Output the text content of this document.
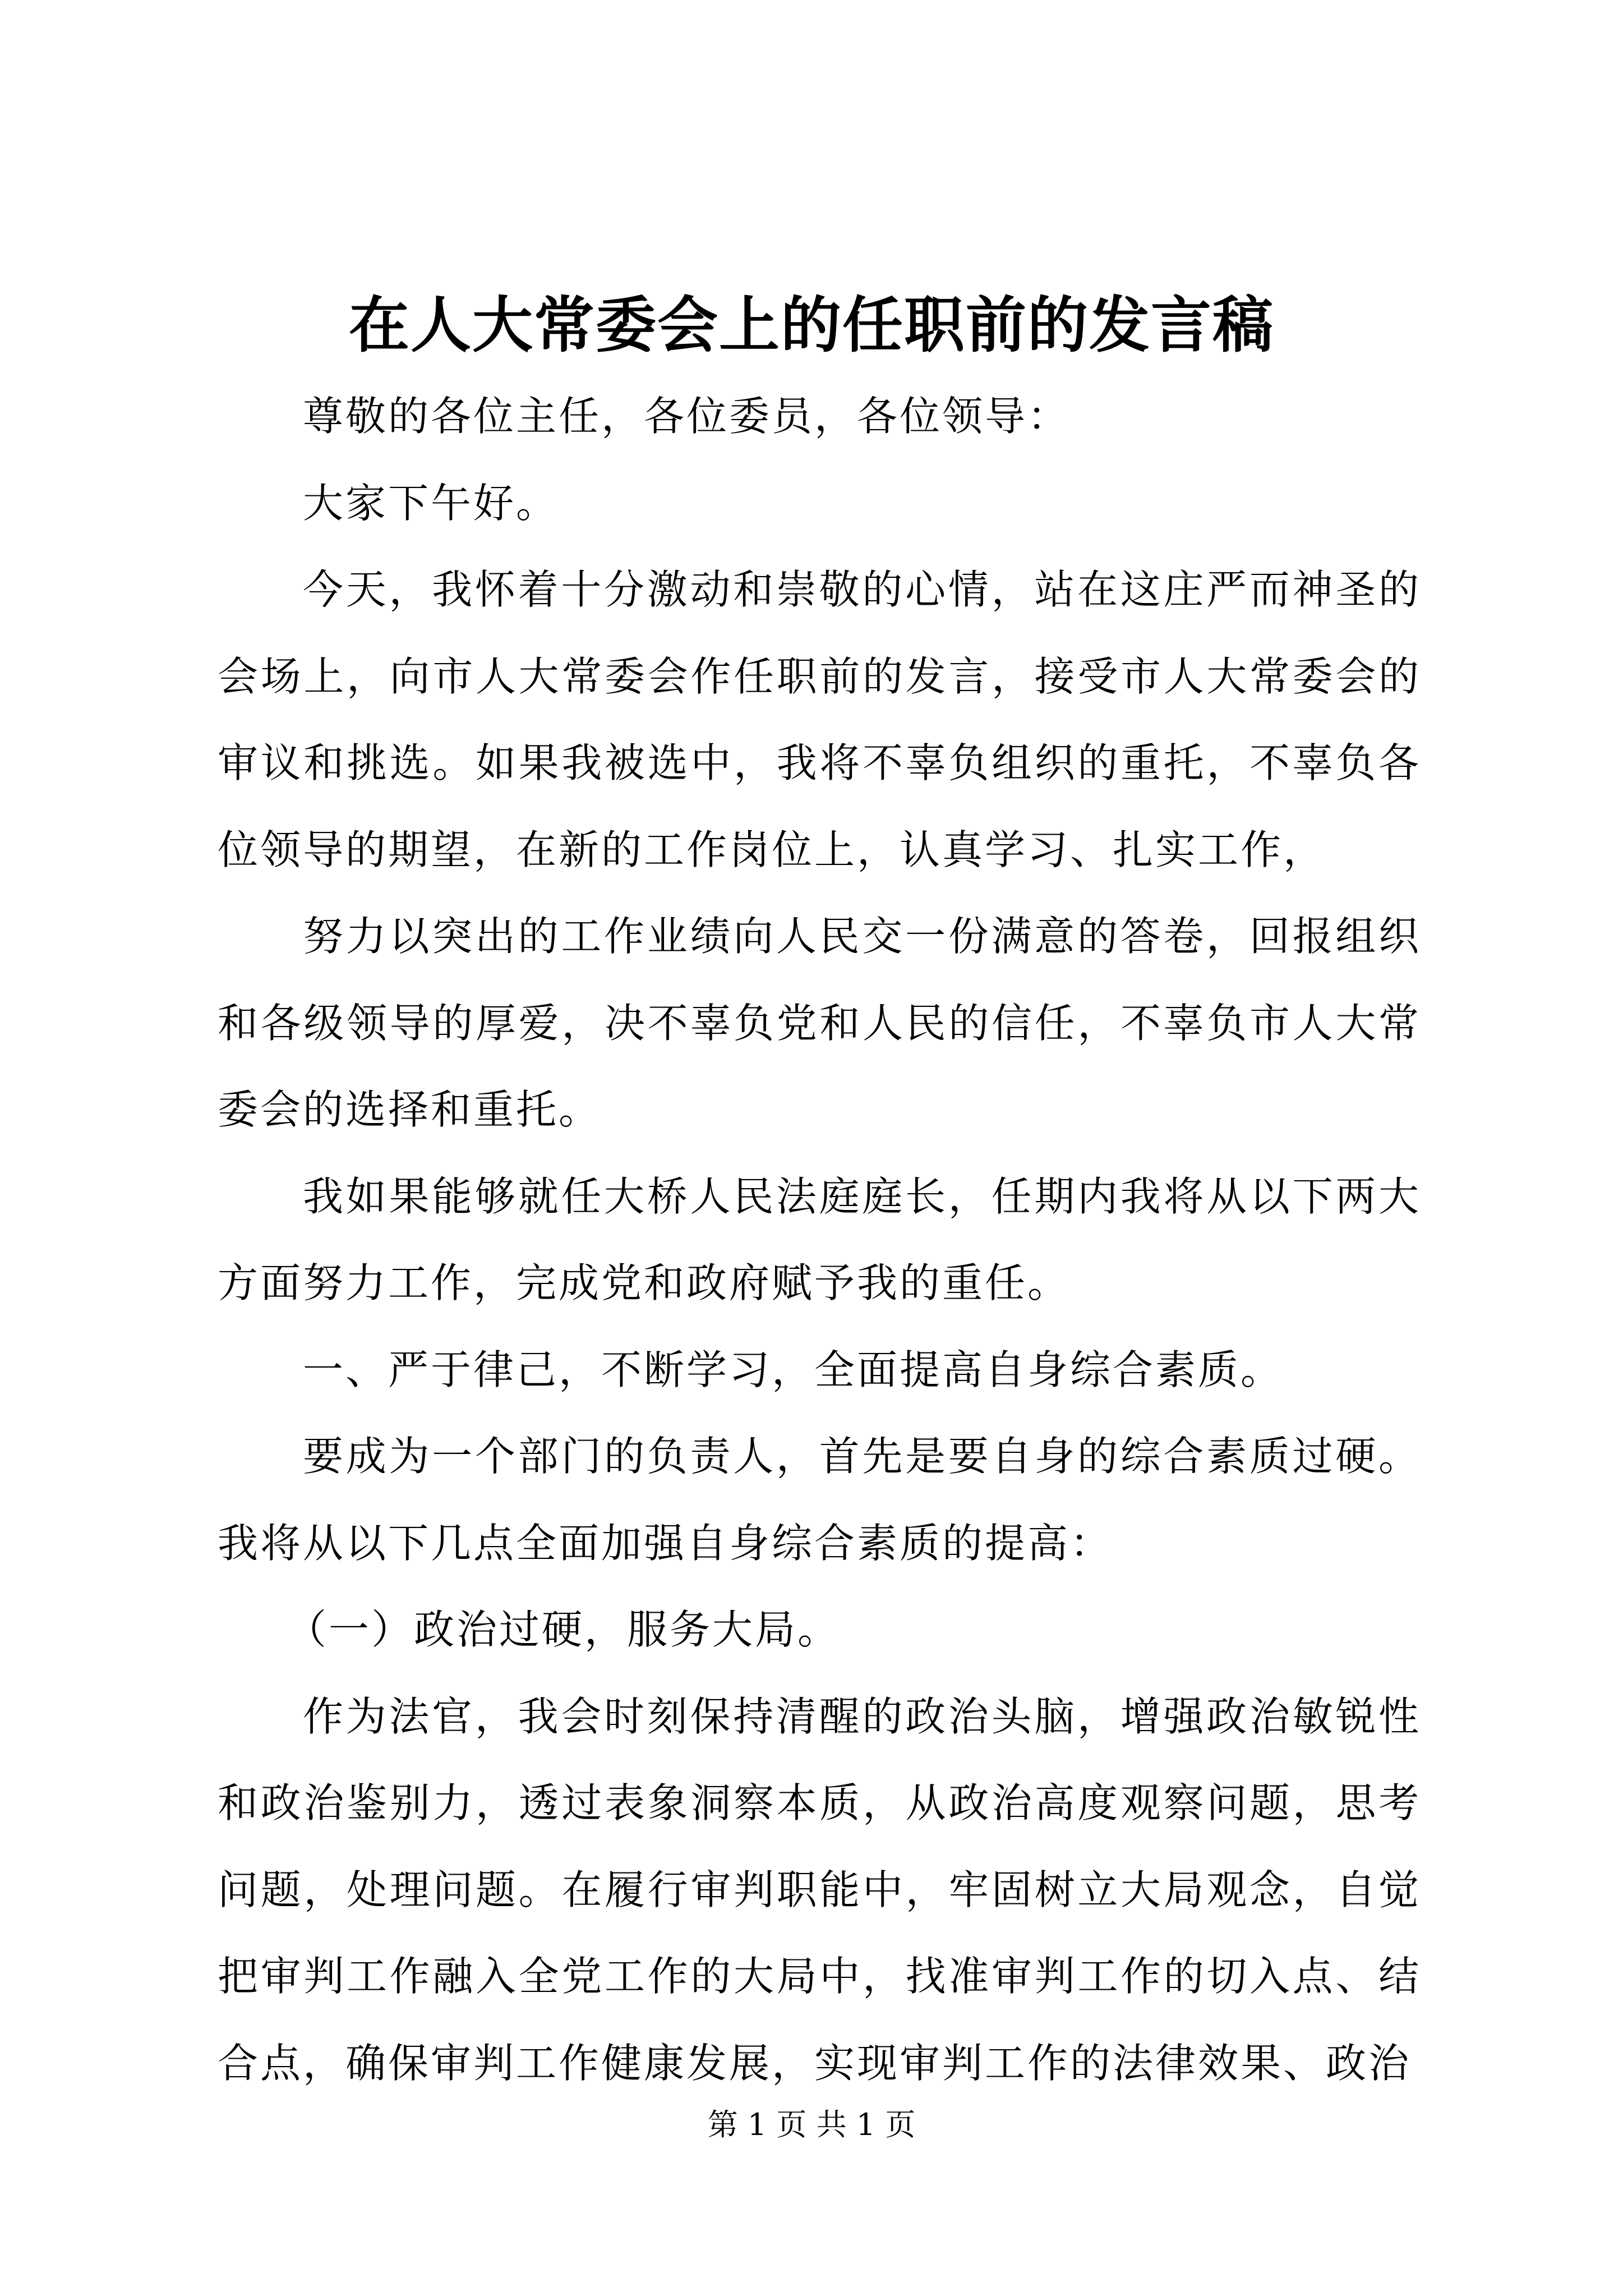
在人大常委会上的任职前的发言稿

尊敬的各位主任，各位委员，各位领导：

大家下午好。

今天，我怀着十分激动和崇敬的心情，站在这庄严而神圣的会场上，向市人大常委会作任职前的发言，接受市人大常委会的审议和挑选。如果我被选中，我将不辜负组织的重托，不辜负各位领导的期望，在新的工作岗位上，认真学习、扎实工作，

努力以突出的工作业绩向人民交一份满意的答卷，回报组织和各级领导的厚爱，决不辜负党和人民的信任，不辜负市人大常委会的选择和重托。

我如果能够就任大桥人民法庭庭长，任期内我将从以下两大方面努力工作，完成党和政府赋予我的重任。

一、严于律己，不断学习，全面提高自身综合素质。

要成为一个部门的负责人，首先是要自身的综合素质过硬。我将从以下几点全面加强自身综合素质的提高：

（一）政治过硬，服务大局。

作为法官，我会时刻保持清醒的政治头脑，增强政治敏锐性和政治鉴别力，透过表象洞察本质，从政治高度观察问题，思考问题，处理问题。在履行审判职能中，牢固树立大局观念，自觉把审判工作融入全党工作的大局中，找准审判工作的切入点、结合点，确保审判工作健康发展，实现审判工作的法律效果、政治

第 1 页 共 1 页
